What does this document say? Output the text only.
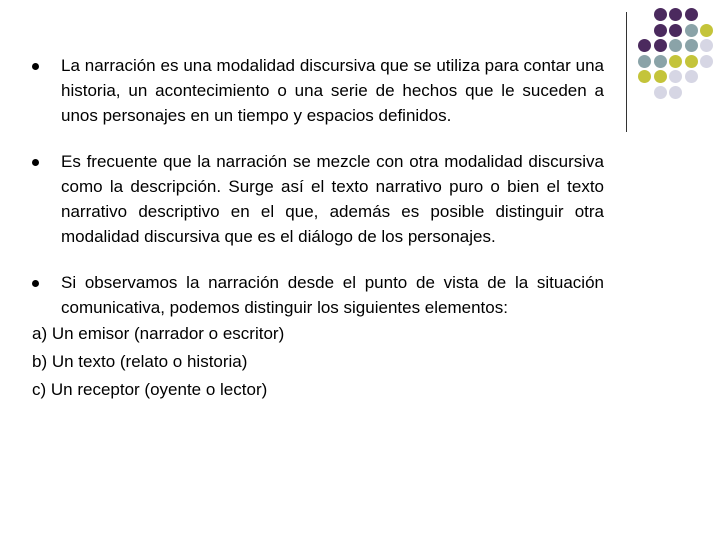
La narración es una modalidad discursiva que se utiliza para contar una historia, un acontecimiento o una serie de hechos que le suceden a unos personajes en un tiempo y espacios definidos.
Es frecuente que la narración se mezcle con otra modalidad discursiva como la descripción. Surge así el texto narrativo puro o bien el texto narrativo descriptivo en el que, además es posible distinguir otra modalidad discursiva que es el diálogo de los personajes.
Si observamos la narración desde el punto de vista de la situación comunicativa, podemos distinguir los siguientes elementos:

a) Un emisor (narrador o escritor)

b) Un texto (relato o historia)

c) Un receptor (oyente o lector)
